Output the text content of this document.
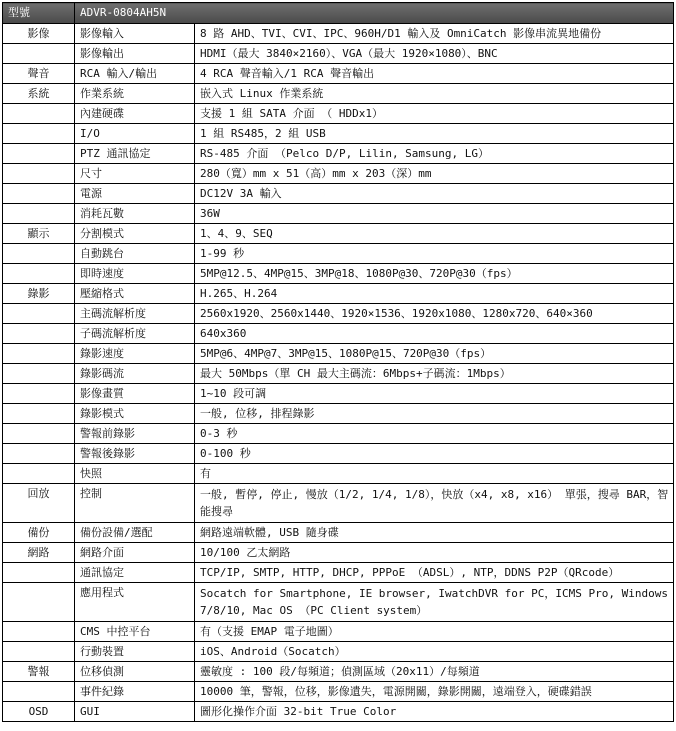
型號	ADVR-0804AH5N	
影像	影像輸入	8 路 AHD、TVI、CVI、IPC、960H/D1 輸入及 OmniCatch 影像串流異地備份
	影像輸出	HDMI（最大 3840×2160）、VGA（最大 1920×1080）、BNC
聲音	RCA 輸入/輸出	4 RCA 聲音輸入/1 RCA 聲音輸出
系統	作業系統	嵌入式 Linux 作業系統
	內建硬碟	支援 1 組 SATA 介面 （ HDDx1）
	I/O	1 組 RS485，2 組 USB
	PTZ 通訊協定	RS-485 介面 （Pelco D/P, Lilin, Samsung, LG）
	尺寸	280（寬）mm x 51（高）mm x 203（深）mm
	電源	DC12V 3A 輸入
	消耗瓦數	36W
顯示	分割模式	1、4、9、SEQ
	自動跳台	1-99 秒
	即時速度	5MP@12.5、4MP@15、3MP@18、1080P@30、720P@30（fps）
錄影	壓縮格式	H.265、H.264
	主碼流解析度	2560x1920、2560x1440、1920×1536、1920x1080、1280x720、640×360
	子碼流解析度	640x360
	錄影速度	5MP@6、4MP@7、3MP@15、1080P@15、720P@30（fps）
	錄影碼流	最大 50Mbps（單 CH 最大主碼流：6Mbps+子碼流：1Mbps）
	影像畫質	1~10 段可調
	錄影模式	一般, 位移, 排程錄影
	警報前錄影	0-3 秒
	警報後錄影	0-100 秒
	快照	有
回放	控制	一般, 暫停, 停止, 慢放（1/2, 1/4, 1/8），快放（x4, x8, x16） 單張，搜尋 BAR，智能搜尋
備份	備份設備/選配	網路遠端軟體, USB 隨身碟
網路	網路介面	10/100 乙太網路
	通訊協定	TCP/IP, SMTP, HTTP, DHCP, PPPoE （ADSL）, NTP，DDNS P2P（QRcode）
	應用程式	Socatch for Smartphone, IE browser, IwatchDVR for PC，ICMS Pro, Windows 7/8/10, Mac OS （PC Client system）
	CMS 中控平台	有（支援 EMAP 電子地圖）
	行動裝置	iOS、Android（Socatch）
警報	位移偵測	靈敏度 : 100 段/每頻道；偵測區域（20x11）/每頻道
	事件紀錄	10000 筆，警報，位移，影像遺失，電源開關，錄影開關，遠端登入，硬碟錯誤
OSD	GUI	圖形化操作介面 32-bit True Color
